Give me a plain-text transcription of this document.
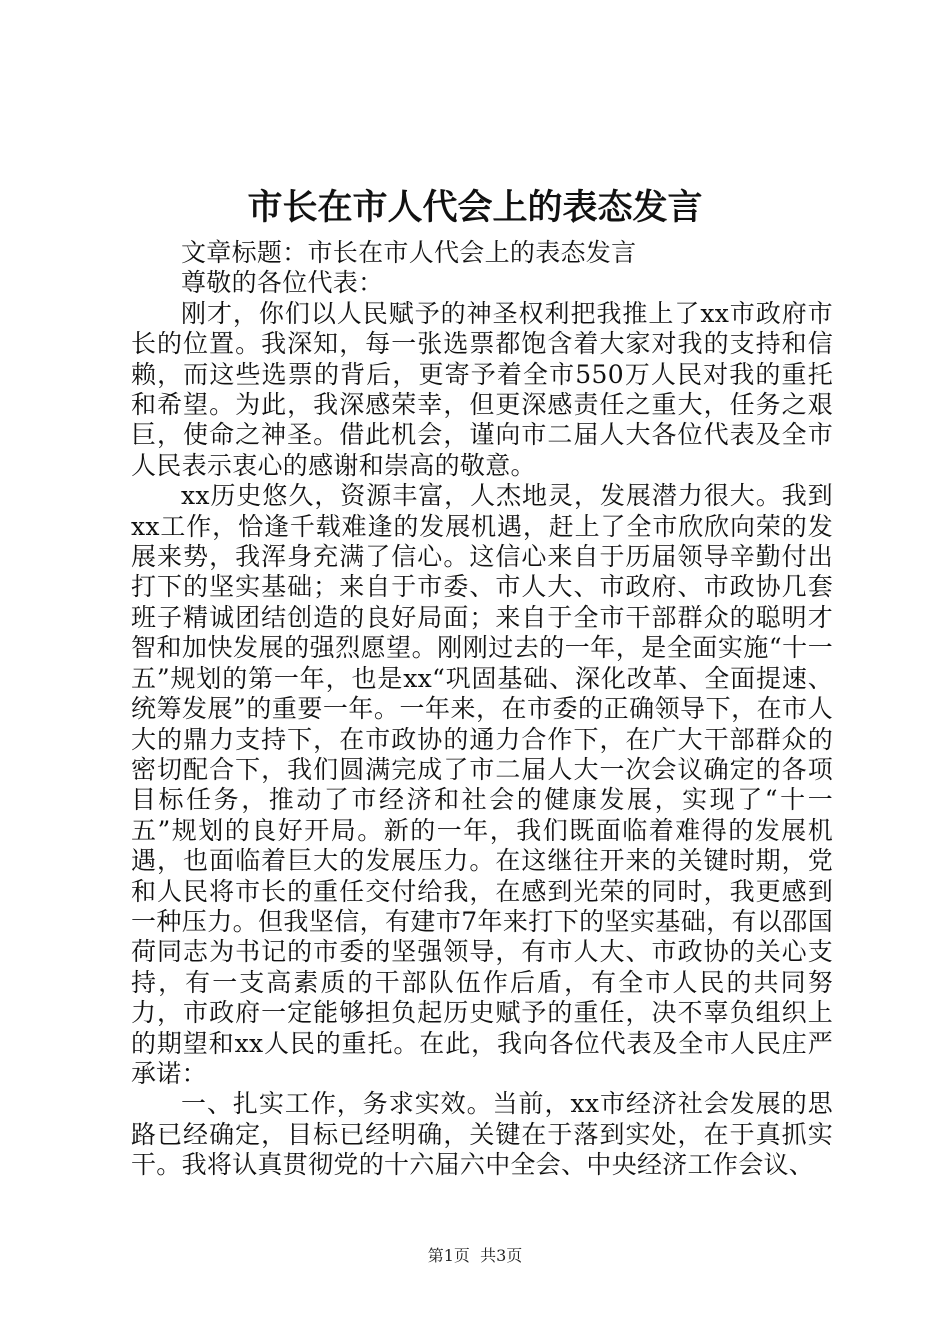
市长在市人代会上的表态发言

文章标题：市长在市人代会上的表态发言

尊敬的各位代表：

刚才，你们以人民赋予的神圣权利把我推上了xx市政府市长的位置。我深知，每一张选票都饱含着大家对我的支持和信赖，而这些选票的背后，更寄予着全市550万人民对我的重托和希望。为此，我深感荣幸，但更深感责任之重大，任务之艰巨，使命之神圣。借此机会，谨向市二届人大各位代表及全市人民表示衷心的感谢和崇高的敬意。

xx历史悠久，资源丰富，人杰地灵，发展潜力很大。我到xx工作，恰逢千载难逢的发展机遇，赶上了全市欣欣向荣的发展来势，我浑身充满了信心。这信心来自于历届领导辛勤付出打下的坚实基础；来自于市委、市人大、市政府、市政协几套班子精诚团结创造的良好局面；来自于全市干部群众的聪明才智和加快发展的强烈愿望。刚刚过去的一年，是全面实施“十一五”规划的第一年，也是xx“巩固基础、深化改革、全面提速、统筹发展”的重要一年。一年来，在市委的正确领导下，在市人大的鼎力支持下，在市政协的通力合作下，在广大干部群众的密切配合下，我们圆满完成了市二届人大一次会议确定的各项目标任务，推动了市经济和社会的健康发展，实现了“十一五”规划的良好开局。新的一年，我们既面临着难得的发展机遇，也面临着巨大的发展压力。在这继往开来的关键时期，党和人民将市长的重任交付给我，在感到光荣的同时，我更感到一种压力。但我坚信，有建市7年来打下的坚实基础，有以邵国荷同志为书记的市委的坚强领导，有市人大、市政协的关心支持，有一支高素质的干部队伍作后盾，有全市人民的共同努力，市政府一定能够担负起历史赋予的重任，决不辜负组织上的期望和xx人民的重托。在此，我向各位代表及全市人民庄严承诺：

一、扎实工作，务求实效。当前，xx市经济社会发展的思路已经确定，目标已经明确，关键在于落到实处，在于真抓实干。我将认真贯彻党的十六届六中全会、中央经济工作会议、

第1页 共3页
